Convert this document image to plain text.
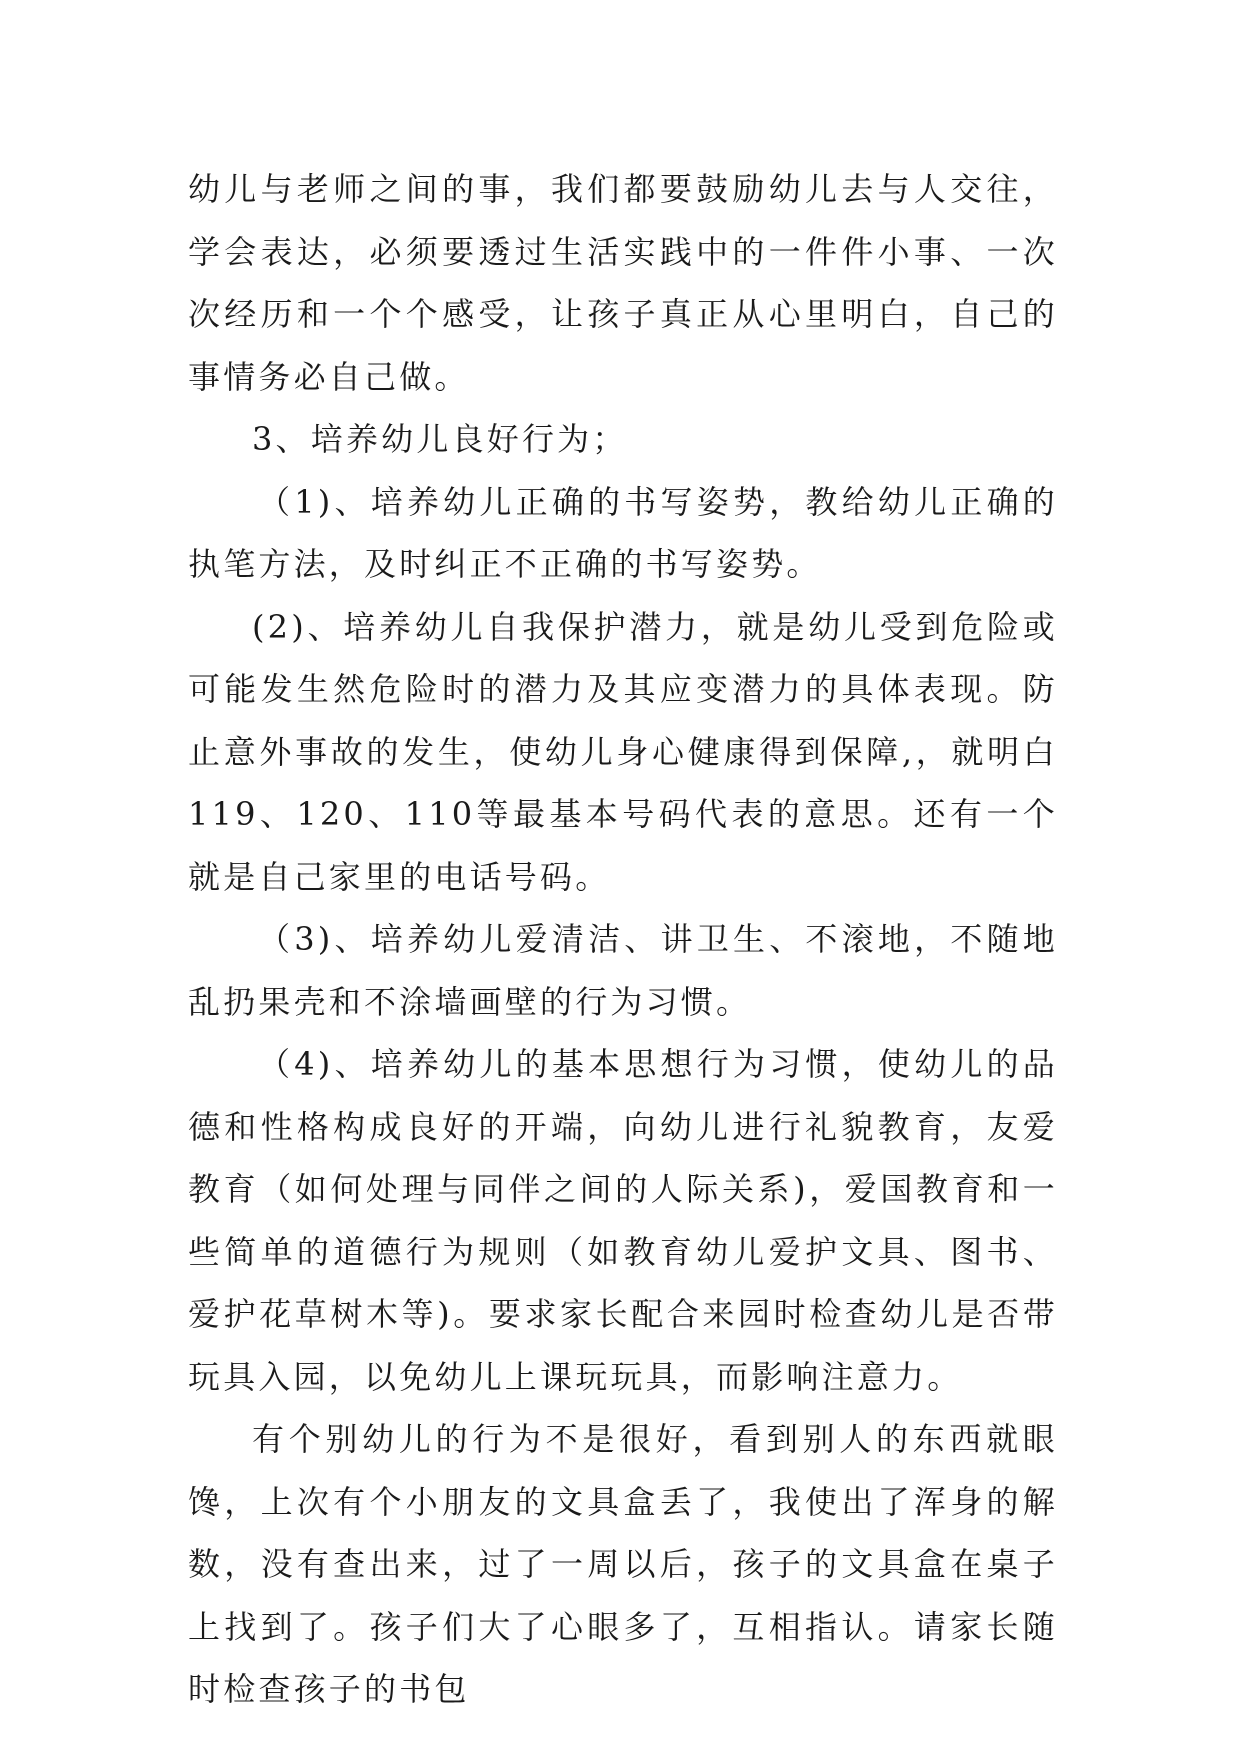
幼儿与老师之间的事，我们都要鼓励幼儿去与人交往，学会表达，必须要透过生活实践中的一件件小事、一次次经历和一个个感受，让孩子真正从心里明白，自己的事情务必自己做。

3、培养幼儿良好行为；

（1)、培养幼儿正确的书写姿势，教给幼儿正确的执笔方法，及时纠正不正确的书写姿势。

(2)、培养幼儿自我保护潜力，就是幼儿受到危险或可能发生然危险时的潜力及其应变潜力的具体表现。防止意外事故的发生，使幼儿身心健康得到保障,，就明白119、120、110等最基本号码代表的意思。还有一个就是自己家里的电话号码。

（3)、培养幼儿爱清洁、讲卫生、不滚地，不随地乱扔果壳和不涂墙画壁的行为习惯。

（4)、培养幼儿的基本思想行为习惯，使幼儿的品德和性格构成良好的开端，向幼儿进行礼貌教育，友爱教育（如何处理与同伴之间的人际关系)，爱国教育和一些简单的道德行为规则（如教育幼儿爱护文具、图书、爱护花草树木等)。要求家长配合来园时检查幼儿是否带玩具入园，以免幼儿上课玩玩具，而影响注意力。

有个别幼儿的行为不是很好，看到别人的东西就眼馋，上次有个小朋友的文具盒丢了，我使出了浑身的解数，没有查出来，过了一周以后，孩子的文具盒在桌子上找到了。孩子们大了心眼多了，互相指认。请家长随时检查孩子的书包
